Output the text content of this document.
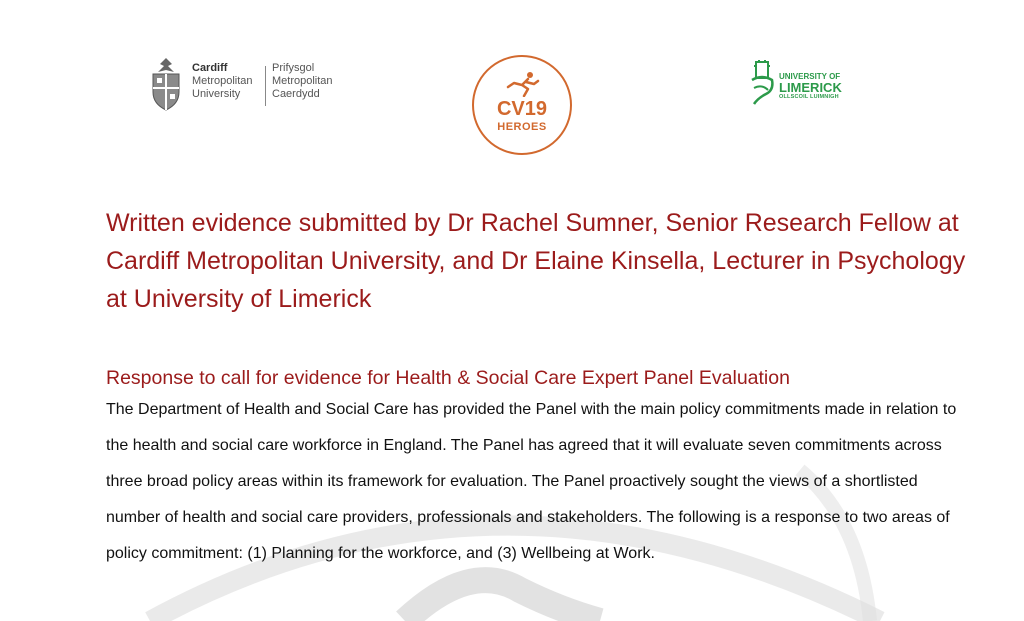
Cardiff
Metropolitan
University
Prifysgol
Metropolitan
Caerdydd
CV19
HEROES
UNIVERSITY OF
LIMERICK
OLLSCOIL LUIMNIGH
Written evidence submitted by Dr Rachel Sumner, Senior Research Fellow at Cardiff Metropolitan University, and Dr Elaine Kinsella, Lecturer in Psychology at University of Limerick
Response to call for evidence for Health & Social Care Expert Panel Evaluation

The Department of Health and Social Care has provided the Panel with the main policy commitments made in relation to the health and social care workforce in England. The Panel has agreed that it will evaluate seven commitments across three broad policy areas within its framework for evaluation. The Panel proactively sought the views of a shortlisted number of health and social care providers, professionals and stakeholders. The following is a response to two areas of policy commitment: (1) Planning for the workforce, and (3) Wellbeing at Work.
